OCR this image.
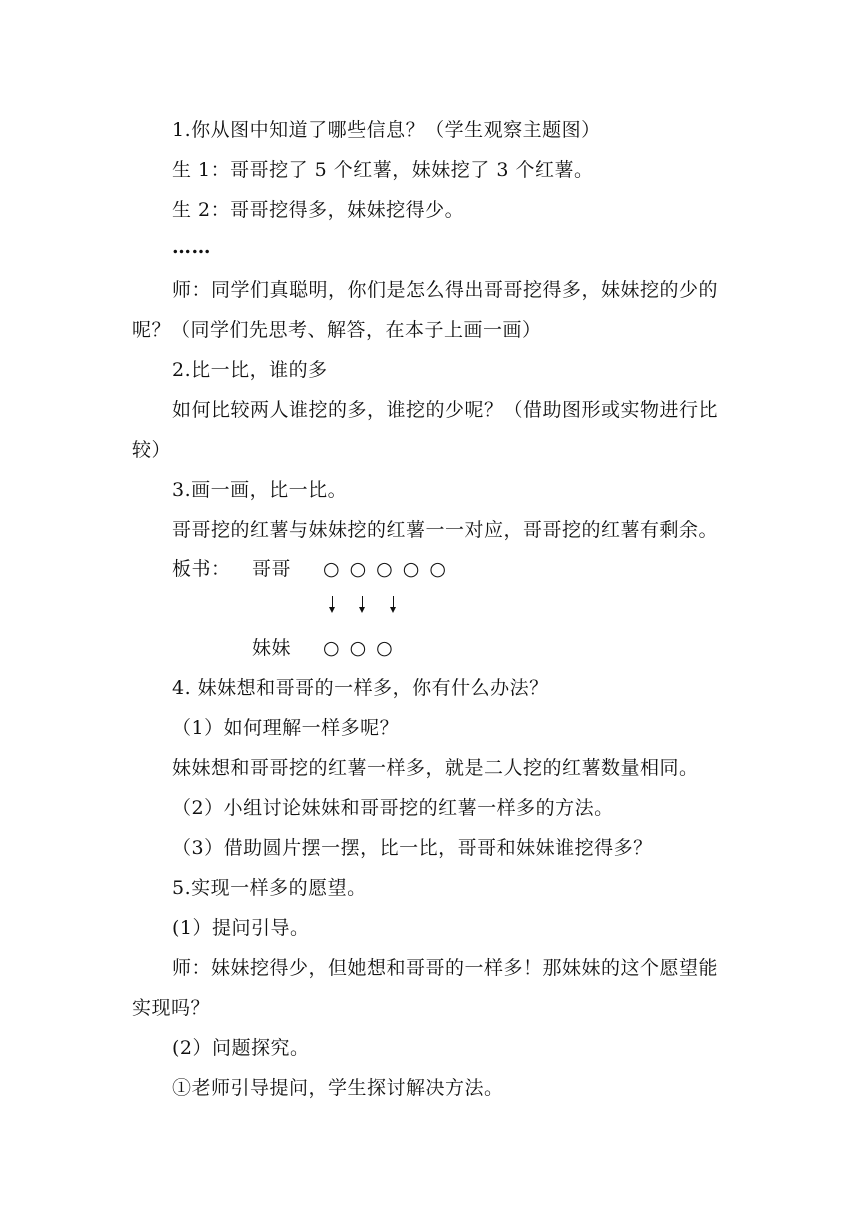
1.你从图中知道了哪些信息？（学生观察主题图）

生 1：哥哥挖了 5 个红薯，妹妹挖了 3 个红薯。

生 2：哥哥挖得多，妹妹挖得少。

……

师：同学们真聪明，你们是怎么得出哥哥挖得多，妹妹挖的少的

呢？（同学们先思考、解答，在本子上画一画）

2.比一比，谁的多

如何比较两人谁挖的多，谁挖的少呢？（借助图形或实物进行比

较）

3.画一画，比一比。

哥哥挖的红薯与妹妹挖的红薯一一对应，哥哥挖的红薯有剩余。

板书： 哥哥 ○○○○○

妹妹 ○○○

4. 妹妹想和哥哥的一样多，你有什么办法？

（1）如何理解一样多呢？

妹妹想和哥哥挖的红薯一样多，就是二人挖的红薯数量相同。

（2）小组讨论妹妹和哥哥挖的红薯一样多的方法。

（3）借助圆片摆一摆，比一比，哥哥和妹妹谁挖得多？

5.实现一样多的愿望。

(1）提问引导。

师：妹妹挖得少，但她想和哥哥的一样多！那妹妹的这个愿望能

实现吗？

(2）问题探究。

①老师引导提问，学生探讨解决方法。
